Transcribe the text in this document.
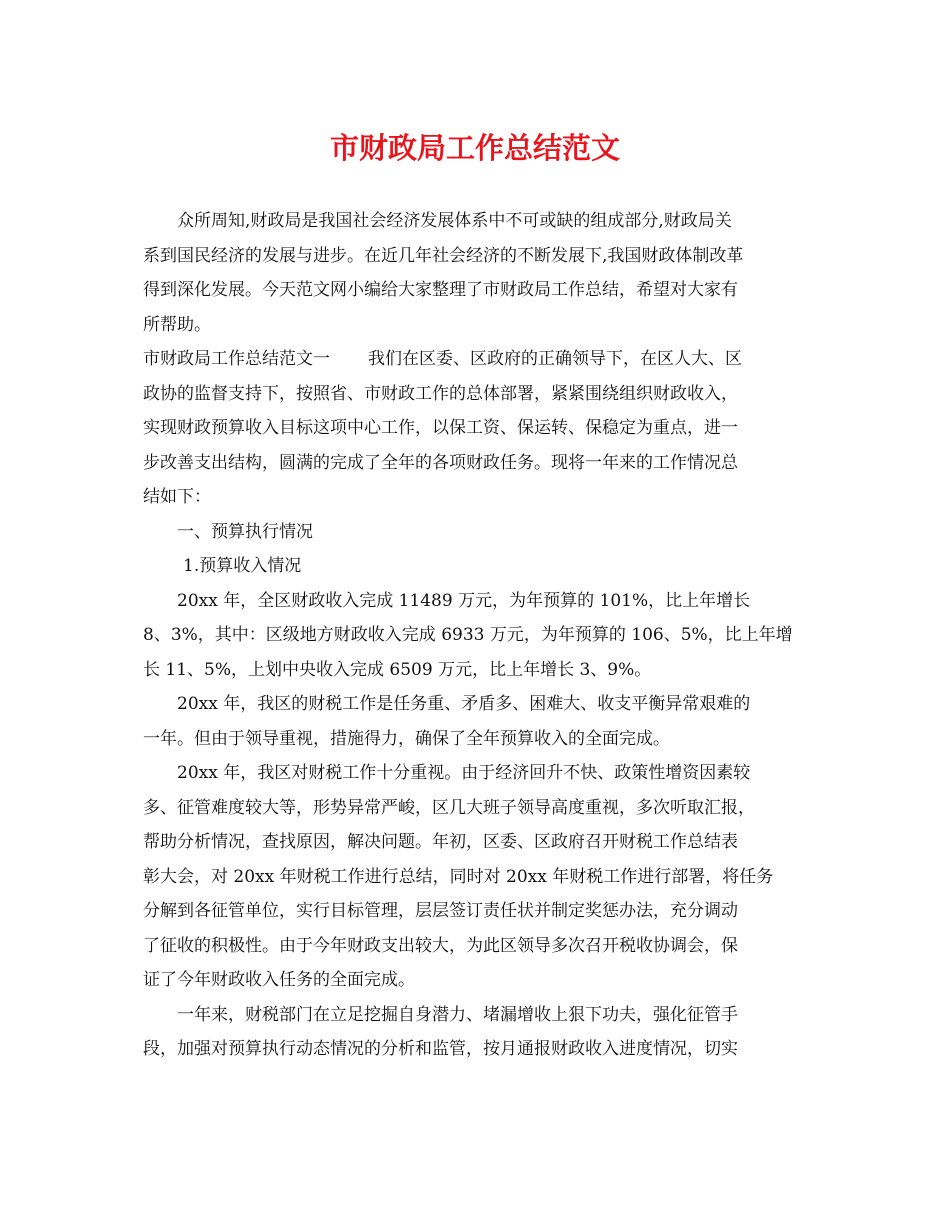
市财政局工作总结范文
众所周知,财政局是我国社会经济发展体系中不可或缺的组成部分,财政局关
系到国民经济的发展与进步。在近几年社会经济的不断发展下,我国财政体制改革
得到深化发展。今天范文网小编给大家整理了市财政局工作总结，希望对大家有
所帮助。
市财政局工作总结范文一 我们在区委、区政府的正确领导下，在区人大、区
政协的监督支持下，按照省、市财政工作的总体部署，紧紧围绕组织财政收入，
实现财政预算收入目标这项中心工作，以保工资、保运转、保稳定为重点，进一
步改善支出结构，圆满的完成了全年的各项财政任务。现将一年来的工作情况总
结如下：
一、预算执行情况
1.预算收入情况
20xx 年，全区财政收入完成 11489 万元，为年预算的 101%，比上年增长
8、3%，其中：区级地方财政收入完成 6933 万元，为年预算的 106、5%，比上年增
长 11、5%，上划中央收入完成 6509 万元，比上年增长 3、9%。
20xx 年，我区的财税工作是任务重、矛盾多、困难大、收支平衡异常艰难的
一年。但由于领导重视，措施得力，确保了全年预算收入的全面完成。
20xx 年，我区对财税工作十分重视。由于经济回升不快、政策性增资因素较
多、征管难度较大等，形势异常严峻，区几大班子领导高度重视，多次听取汇报，
帮助分析情况，查找原因，解决问题。年初，区委、区政府召开财税工作总结表
彰大会，对 20xx 年财税工作进行总结，同时对 20xx 年财税工作进行部署，将任务
分解到各征管单位，实行目标管理，层层签订责任状并制定奖惩办法，充分调动
了征收的积极性。由于今年财政支出较大，为此区领导多次召开税收协调会，保
证了今年财政收入任务的全面完成。
一年来，财税部门在立足挖掘自身潜力、堵漏增收上狠下功夫，强化征管手
段，加强对预算执行动态情况的分析和监管，按月通报财政收入进度情况，切实
